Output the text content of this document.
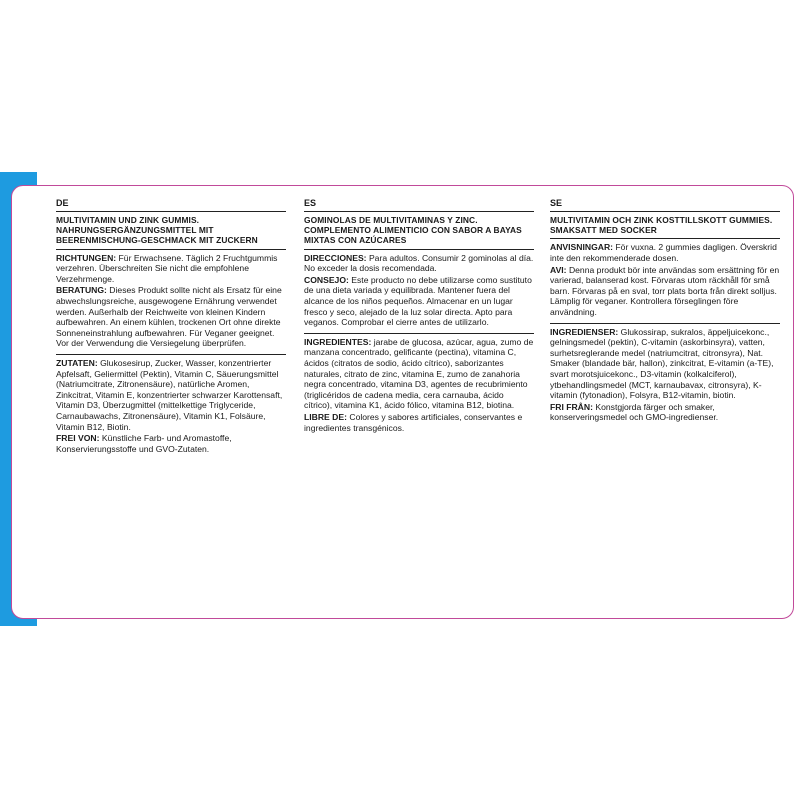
DE
MULTIVITAMIN UND ZINK GUMMIS. NAHRUNGSERGÄNZUNGSMITTEL MIT BEERENMISCHUNG-GESCHMACK MIT ZUCKERN

RICHTUNGEN: Für Erwachsene. Täglich 2 Fruchtgummis verzehren. Überschreiten Sie nicht die empfohlene Verzehrmenge.

BERATUNG: Dieses Produkt sollte nicht als Ersatz für eine abwechslungsreiche, ausgewogene Ernährung verwendet werden. Außerhalb der Reichweite von kleinen Kindern aufbewahren. An einem kühlen, trockenen Ort ohne direkte Sonneneinstrahlung aufbewahren. Für Veganer geeignet. Vor der Verwendung die Versiegelung überprüfen.

ZUTATEN: Glukosesirup, Zucker, Wasser, konzentrierter Apfelsaft, Geliermittel (Pektin), Vitamin C, Säuerungsmittel (Natriumcitrate, Zitronensäure), natürliche Aromen, Zinkcitrat, Vitamin E, konzentrierter schwarzer Karottensaft, Vitamin D3, Überzugmittel (mittelkettige Triglyceride, Carnaubawachs, Zitronensäure), Vitamin K1, Folsäure, Vitamin B12, Biotin.

FREI VON: Künstliche Farb- und Aromastoffe, Konservierungsstoffe und GVO-Zutaten.

ES
GOMINOLAS DE MULTIVITAMINAS Y ZINC. COMPLEMENTO ALIMENTICIO CON SABOR A BAYAS MIXTAS CON AZÚCARES

DIRECCIONES: Para adultos. Consumir 2 gominolas al día. No exceder la dosis recomendada.

CONSEJO: Este producto no debe utilizarse como sustituto de una dieta variada y equilibrada. Mantener fuera del alcance de los niños pequeños. Almacenar en un lugar fresco y seco, alejado de la luz solar directa. Apto para veganos. Comprobar el cierre antes de utilizarlo.

INGREDIENTES: jarabe de glucosa, azúcar, agua, zumo de manzana concentrado, gelificante (pectina), vitamina C, ácidos (citratos de sodio, ácido cítrico), saborizantes naturales, citrato de zinc, vitamina E, zumo de zanahoria negra concentrado, vitamina D3, agentes de recubrimiento (triglicéridos de cadena media, cera carnauba, ácido cítrico), vitamina K1, ácido fólico, vitamina B12, biotina.

LIBRE DE: Colores y sabores artificiales, conservantes e ingredientes transgénicos.

SE
MULTIVITAMIN OCH ZINK KOSTTILLSKOTT GUMMIES. SMAKSATT MED SOCKER

ANVISNINGAR: För vuxna. 2 gummies dagligen. Överskrid inte den rekommenderade dosen.

AVI: Denna produkt bör inte användas som ersättning för en varierad, balanserad kost. Förvaras utom räckhåll för små barn. Förvaras på en sval, torr plats borta från direkt solljus. Lämplig för veganer. Kontrollera förseglingen före användning.

INGREDIENSER: Glukossirap, sukralos, äppeljuicekonc., gelningsmedel (pektin), C-vitamin (askorbinsyra), vatten, surhetsreglerande medel (natriumcitrat, citronsyra), Nat. Smaker (blandade bär, hallon), zinkcitrat, E-vitamin (a-TE), svart morotsjuicekonc., D3-vitamin (kolkalciferol), ytbehandlingsmedel (MCT, karnaubavax, citronsyra), K-vitamin (fytonadion), Folsyra, B12-vitamin, biotin.

FRI FRÅN: Konstgjorda färger och smaker, konserveringsmedel och GMO-ingredienser.
